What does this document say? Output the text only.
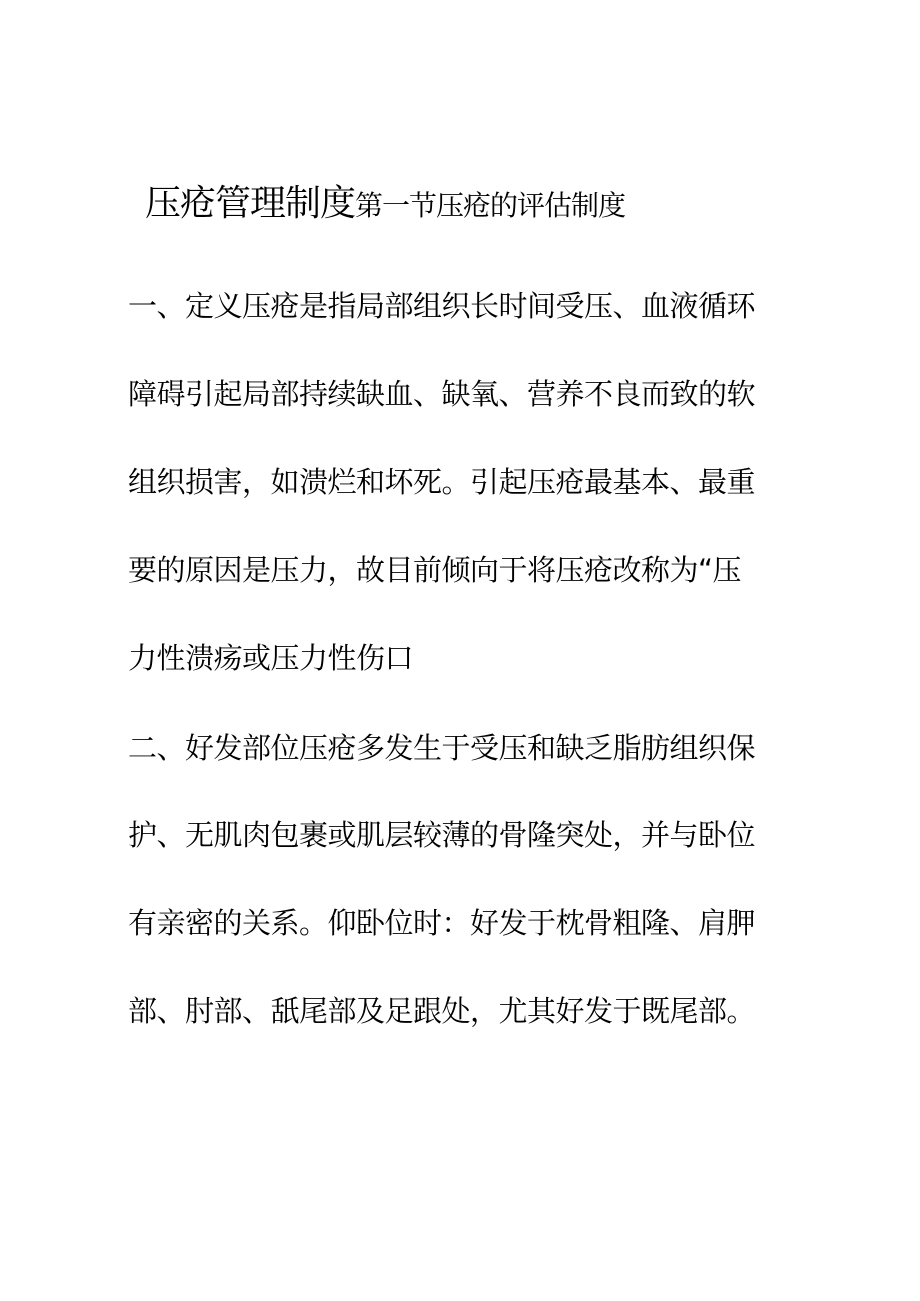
压疮管理制度第一节压疮的评估制度
一、定义压疮是指局部组织长时间受压、血液循环
障碍引起局部持续缺血、缺氧、营养不良而致的软
组织损害，如溃烂和坏死。引起压疮最基本、最重
要的原因是压力，故目前倾向于将压疮改称为“压
力性溃疡或压力性伤口
二、好发部位压疮多发生于受压和缺乏脂肪组织保
护、无肌肉包裹或肌层较薄的骨隆突处，并与卧位
有亲密的关系。仰卧位时：好发于枕骨粗隆、肩胛
部、肘部、舐尾部及足跟处，尤其好发于既尾部。
